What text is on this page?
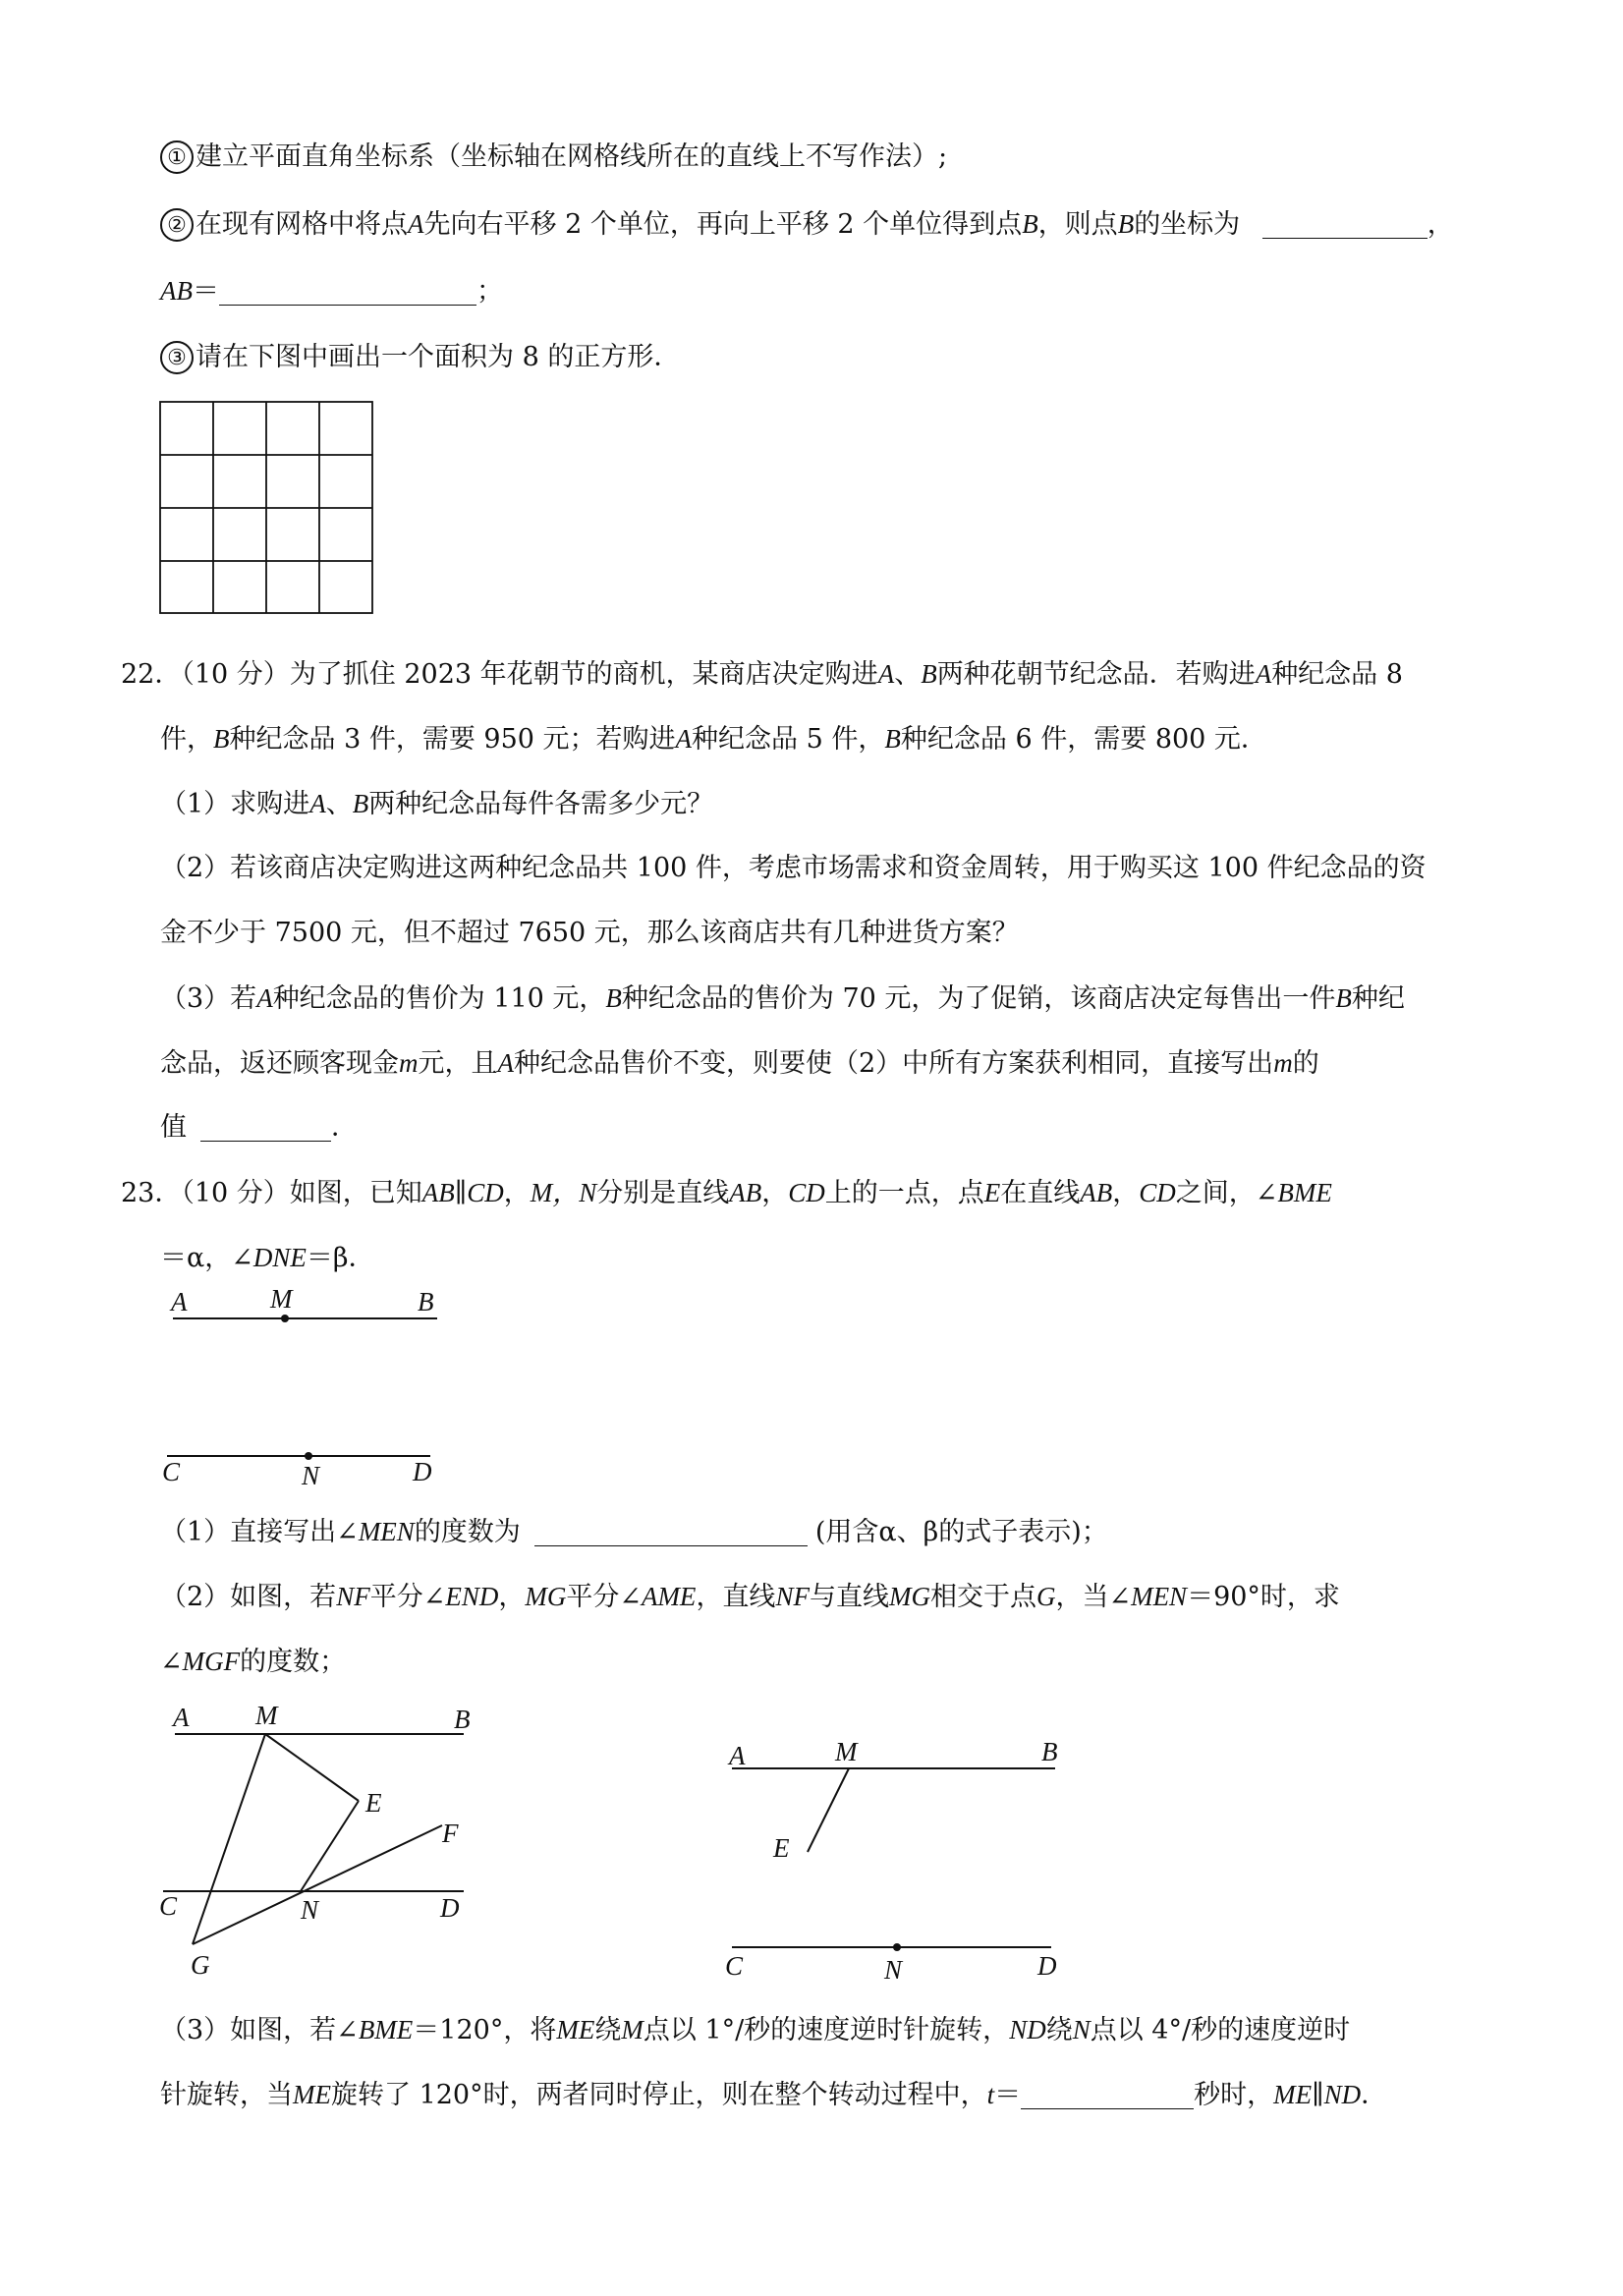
① 建立平面直角坐标系（坐标轴在网格线所在的直线上不写作法）;
② 在现有网格中将点A先向右平移 2 个单位，再向上平移 2 个单位得到点B，则点B的坐标为	，
AB＝	；
③ 请在下图中画出一个面积为 8 的正方形．
22．（10 分）为了抓住 2023 年花朝节的商机，某商店决定购进A、B两种花朝节纪念品．若购进A种纪念品 8
件，B种纪念品 3 件，需要 950 元；若购进A种纪念品 5 件，B种纪念品 6 件，需要 800 元．
（1）求购进A、B两种纪念品每件各需多少元？
（2）若该商店决定购进这两种纪念品共 100 件，考虑市场需求和资金周转，用于购买这 100 件纪念品的资
金不少于 7500 元，但不超过 7650 元，那么该商店共有几种进货方案？
（3）若A种纪念品的售价为 110 元，B种纪念品的售价为 70 元，为了促销，该商店决定每售出一件B种纪
念品，返还顾客现金m元，且A种纪念品售价不变，则要使（2）中所有方案获利相同，直接写出m的
值	．
23．（10 分）如图，已知AB∥CD，M，N分别是直线AB，CD上的一点，点E在直线AB，CD之间，∠BME
＝α，∠DNE＝β．
A	M	B
C	N	D
（1）直接写出∠MEN的度数为	(用含α、β的式子表示)；
（2）如图，若NF平分∠END，MG平分∠AME，直线NF与直线MG相交于点G，当∠MEN＝90°时，求
∠MGF的度数；
A	M	B
E
F
C	N	D
G
A	M	B
E
C	N	D
（3）如图，若∠BME＝120°，将ME绕M点以 1°/秒的速度逆时针旋转，ND绕N点以 4°/秒的速度逆时
针旋转，当ME旋转了 120°时，两者同时停止，则在整个转动过程中，t＝	秒时，ME∥ND．
